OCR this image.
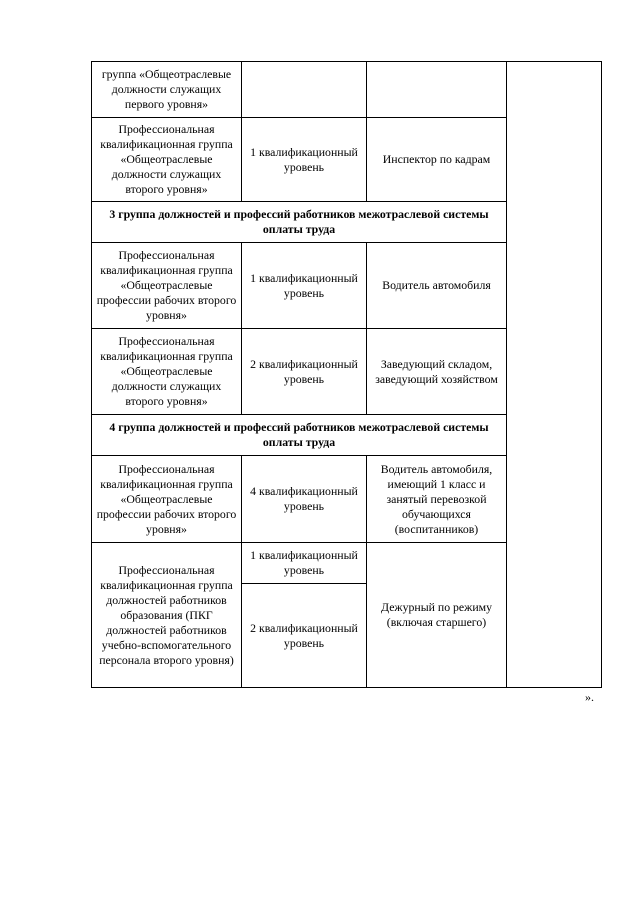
группа «Общеотраслевые должности служащих первого уровня»			
Профессиональная квалификационная группа «Общеотраслевые должности служащих второго уровня»	1 квалификационный уровень	Инспектор по кадрам	
3 группа должностей и профессий работников межотраслевой системы оплаты труда			
Профессиональная квалификационная группа «Общеотраслевые профессии рабочих второго уровня»	1 квалификационный уровень	Водитель автомобиля	
Профессиональная квалификационная группа «Общеотраслевые должности служащих второго уровня»	2 квалификационный уровень	Заведующий складом, заведующий хозяйством	
4 группа должностей и профессий работников межотраслевой системы оплаты труда			
Профессиональная квалификационная группа «Общеотраслевые профессии рабочих второго уровня»	4 квалификационный уровень	Водитель автомобиля, имеющий 1 класс и занятый перевозкой обучающихся (воспитанников)	
Профессиональная квалификационная группа должностей работников образования (ПКГ должностей работников учебно-вспомогательного персонала второго уровня)	1 квалификационный уровень	Дежурный по режиму (включая старшего)	
	2 квалификационный уровень		
».
